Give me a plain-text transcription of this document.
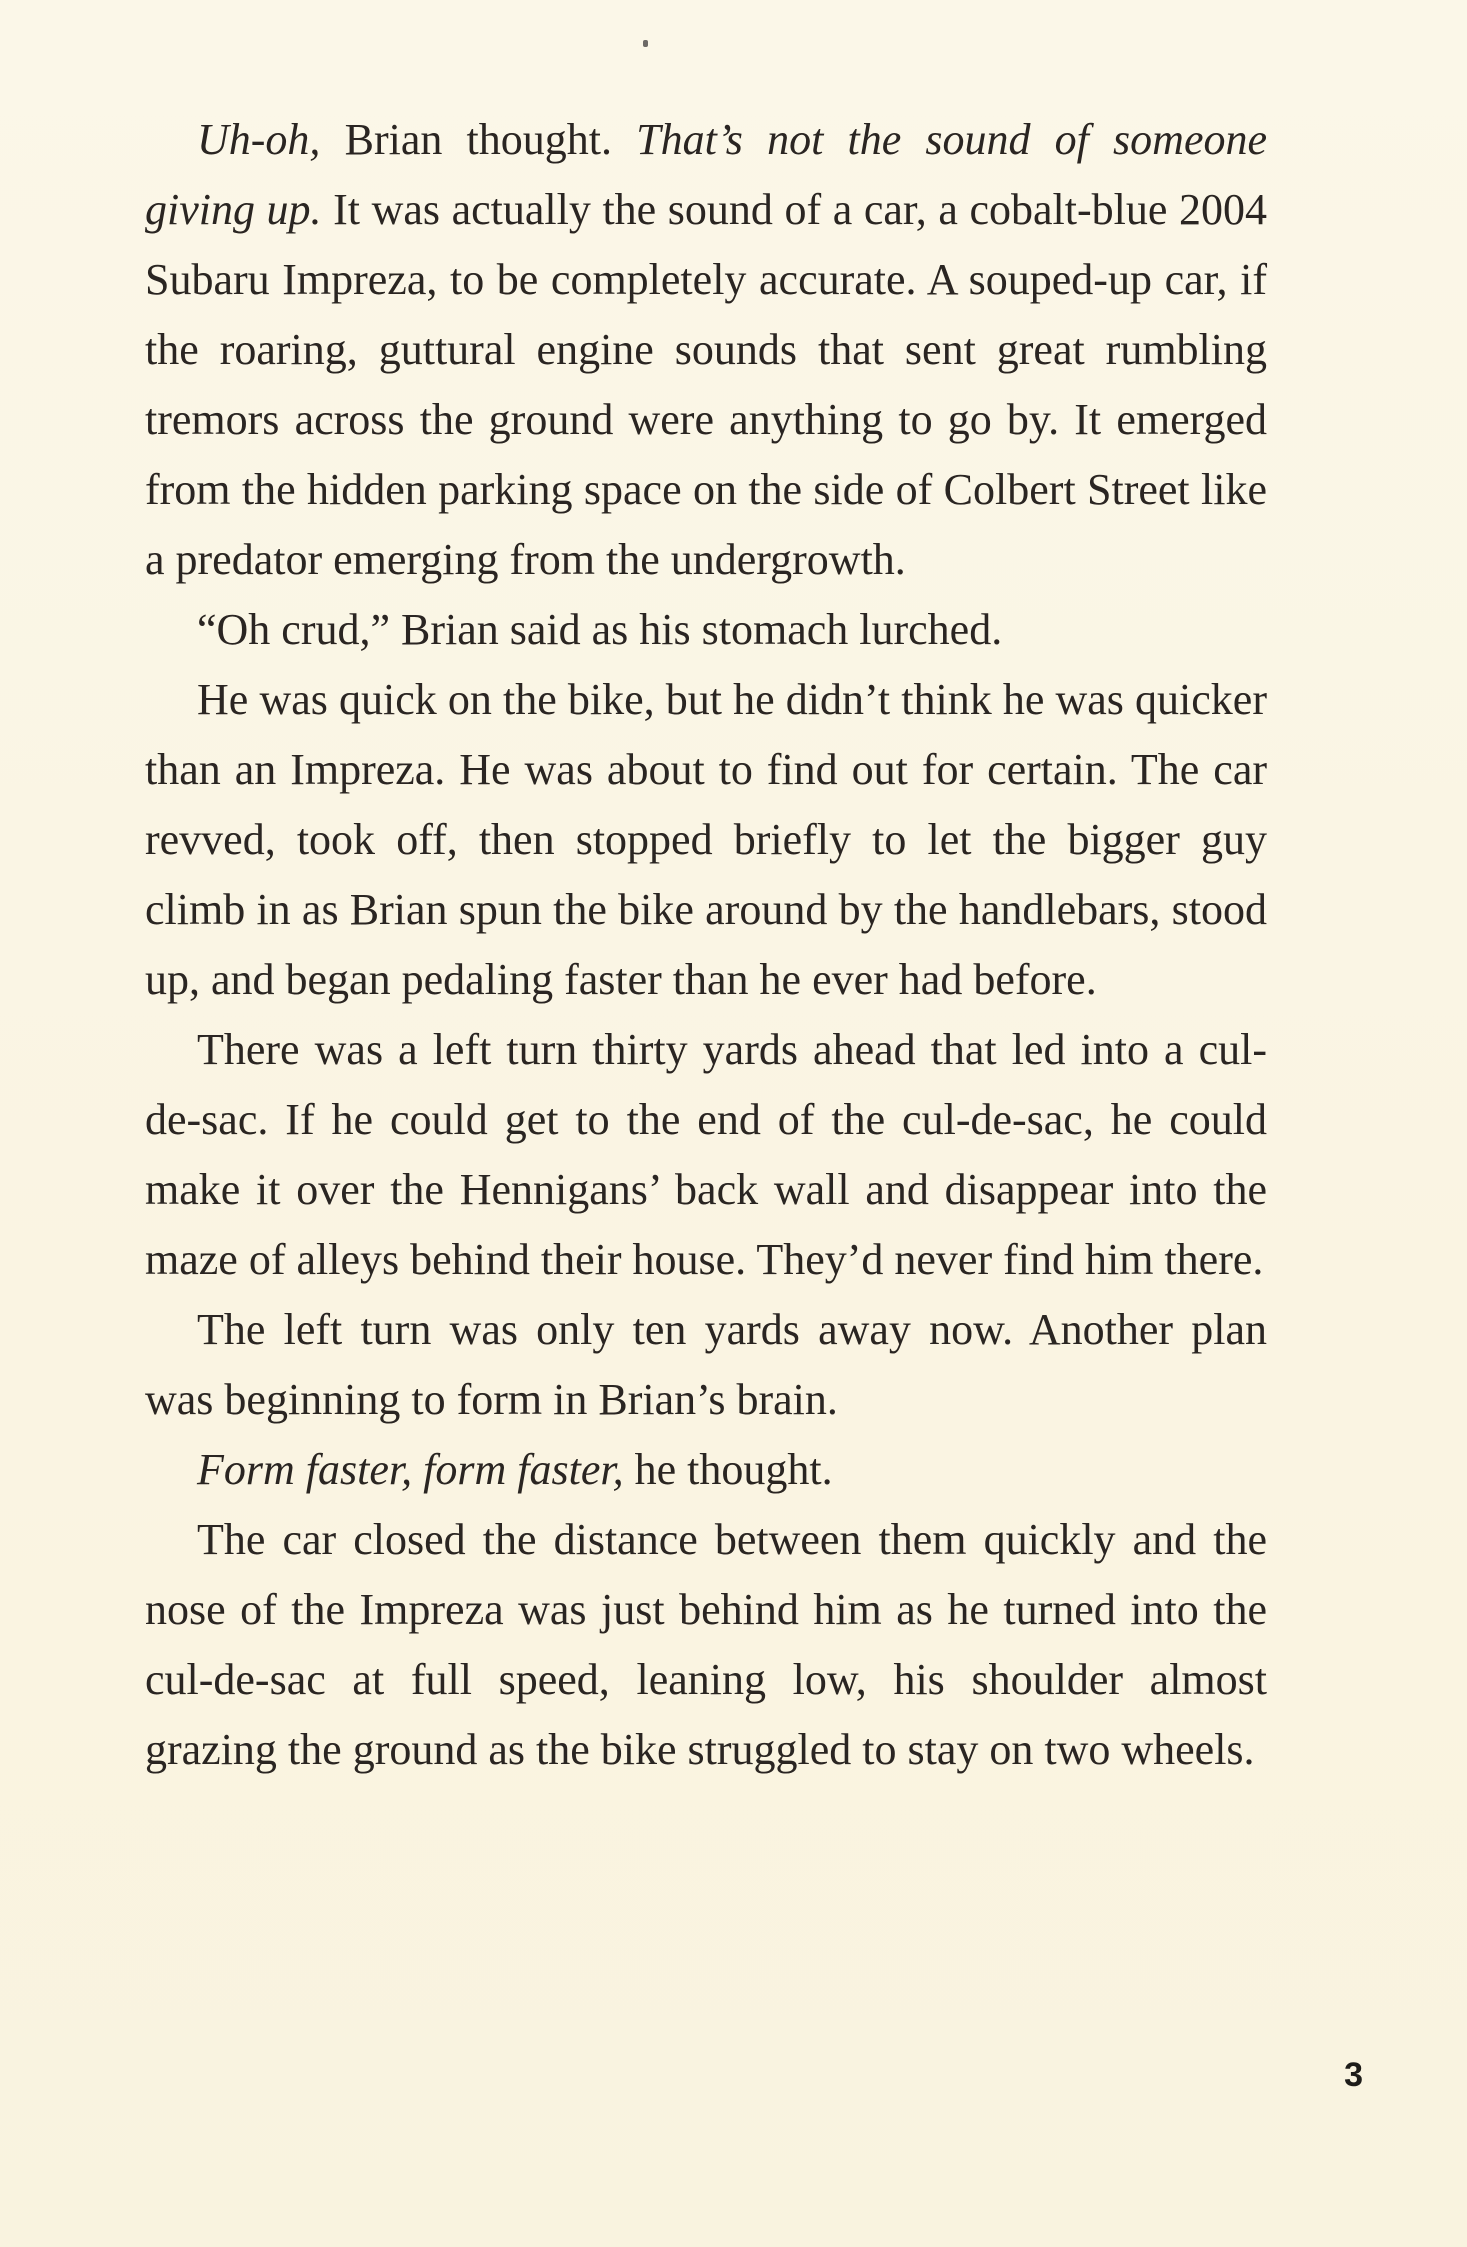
Uh-oh, Brian thought. That’s not the sound of someone giving up. It was actually the sound of a car, a cobalt-blue 2004 Subaru Impreza, to be completely accurate. A souped-up car, if the roaring, guttural engine sounds that sent great rumbling tremors across the ground were anything to go by. It emerged from the hidden parking space on the side of Colbert Street like a predator emerging from the undergrowth.

“Oh crud,” Brian said as his stomach lurched.

He was quick on the bike, but he didn’t think he was quicker than an Impreza. He was about to find out for certain. The car revved, took off, then stopped briefly to let the bigger guy climb in as Brian spun the bike around by the handlebars, stood up, and began pedaling faster than he ever had before.

There was a left turn thirty yards ahead that led into a cul-de-sac. If he could get to the end of the cul-de-sac, he could make it over the Hennigans’ back wall and disappear into the maze of alleys behind their house. They’d never find him there.

The left turn was only ten yards away now. Another plan was beginning to form in Brian’s brain.

Form faster, form faster, he thought.

The car closed the distance between them quickly and the nose of the Impreza was just behind him as he turned into the cul-de-sac at full speed, leaning low, his shoulder almost grazing the ground as the bike struggled to stay on two wheels.

3
